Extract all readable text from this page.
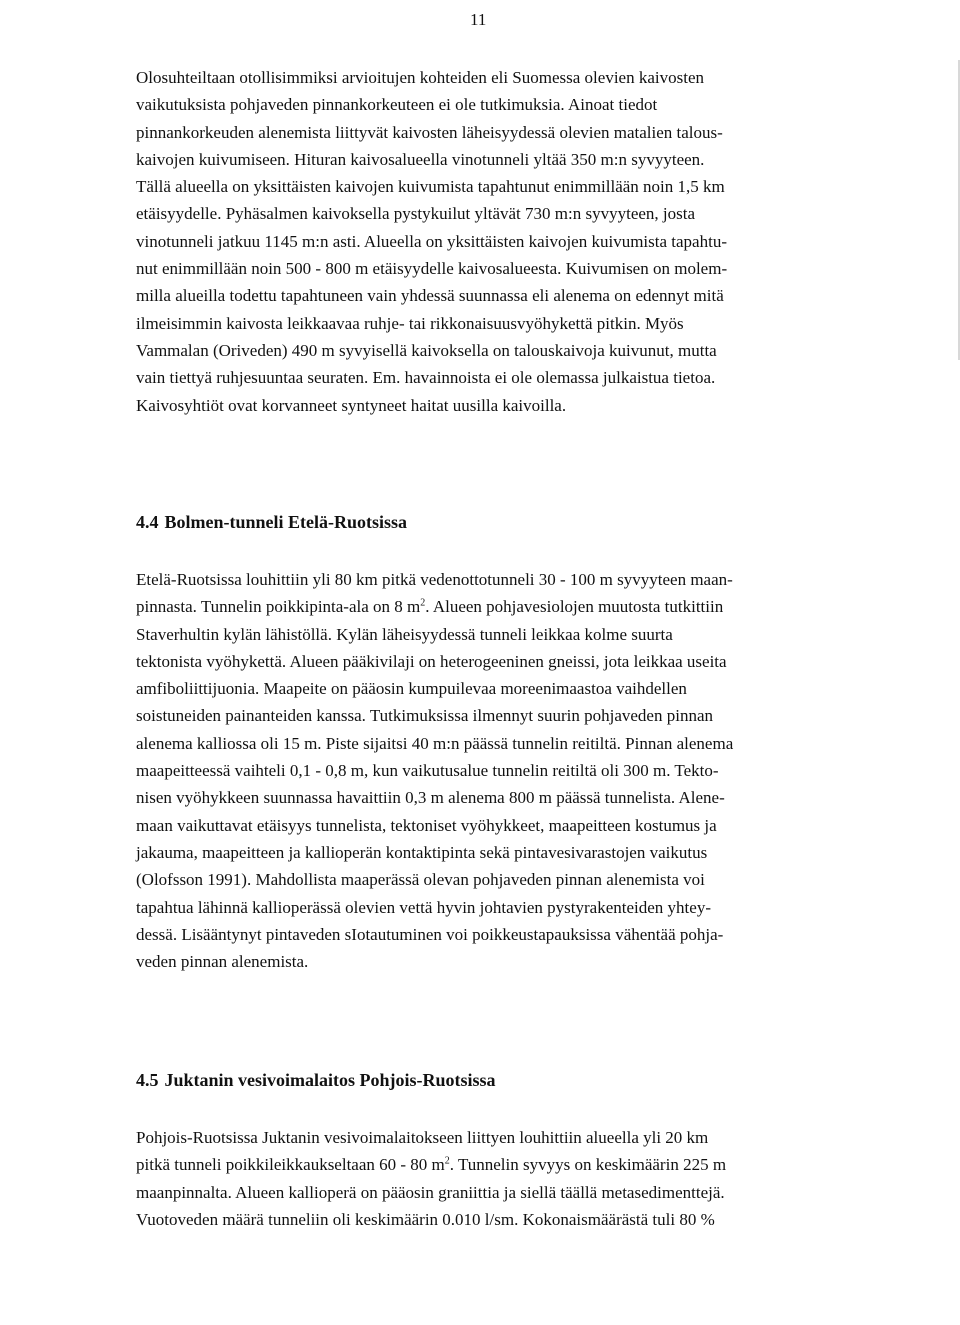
11
Olosuhteiltaan otollisimmiksi arvioitujen kohteiden eli Suomessa olevien kaivosten
vaikutuksista pohjaveden pinnankorkeuteen ei ole tutkimuksia. Ainoat tiedot
pinnankorkeuden alenemista liittyvät kaivosten läheisyydessä olevien matalien talous-
kaivojen kuivumiseen. Hituran kaivosalueella vinotunneli yltää 350 m:n syvyyteen.
Tällä alueella on yksittäisten kaivojen kuivumista tapahtunut enimmillään noin 1,5 km
etäisyydelle. Pyhäsalmen kaivoksella pystykuilut yltävät 730 m:n syvyyteen, josta
vinotunneli jatkuu 1145 m:n asti. Alueella on yksittäisten kaivojen kuivumista tapahtu-
nut enimmillään noin 500 - 800 m etäisyydelle kaivosalueesta. Kuivumisen on molem-
milla alueilla todettu tapahtuneen vain yhdessä suunnassa eli alenema on edennyt mitä
ilmeisimmin kaivosta leikkaavaa ruhje- tai rikkonaisuusvyöhykettä pitkin. Myös
Vammalan (Oriveden) 490 m syvyisellä kaivoksella on talouskaivoja kuivunut, mutta
vain tiettyä ruhjesuuntaa seuraten. Em. havainnoista ei ole olemassa julkaistua tietoa.
Kaivosyhtiöt ovat korvanneet syntyneet haitat uusilla kaivoilla.
4.4 Bolmen-tunneli Etelä-Ruotsissa
Etelä-Ruotsissa louhittiin yli 80 km pitkä vedenottotunneli 30 - 100 m syvyyteen maan-
pinnasta. Tunnelin poikkipinta-ala on 8 $m^2$. Alueen pohjavesiolojen muutosta tutkittiin
Staverhultin kylän lähistöllä. Kylän läheisyydessä tunneli leikkaa kolme suurta
tektonista vyöhykettä. Alueen pääkivilaji on heterogeeninen gneissi, jota leikkaa useita
amfiboliittijuonia. Maapeite on pääosin kumpuilevaa moreenimaastoa vaihdellen
soistuneiden painanteiden kanssa. Tutkimuksissa ilmennyt suurin pohjaveden pinnan
alenema kalliossa oli 15 m. Piste sijaitsi 40 m:n päässä tunnelin reitiltä. Pinnan alenema
maapeitteessä vaihteli 0,1 - 0,8 m, kun vaikutusalue tunnelin reitiltä oli 300 m. Tekto-
nisen vyöhykkeen suunnassa havaittiin 0,3 m alenema 800 m päässä tunnelista. Alene-
maan vaikuttavat etäisyys tunnelista, tektoniset vyöhykkeet, maapeitteen kostumus ja
jakauma, maapeitteen ja kallioperän kontaktipinta sekä pintavesivarastojen vaikutus
(Olofsson 1991). Mahdollista maaperässä olevan pohjaveden pinnan alenemista voi
tapahtua lähinnä kallioperässä olevien vettä hyvin johtavien pystyrakenteiden yhtey-
dessä. Lisääntynyt pintaveden sIotautuminen voi poikkeustapauksissa vähentää pohja-
veden pinnan alenemista.
4.5 Juktanin vesivoimalaitos Pohjois-Ruotsissa
Pohjois-Ruotsissa Juktanin vesivoimalaitokseen liittyen louhittiin alueella yli 20 km
pitkä tunneli poikkileikkaukseltaan 60 - 80 $m^2$. Tunnelin syvyys on keskimäärin 225 m
maanpinnalta. Alueen kallioperä on pääosin graniittia ja siellä täällä metasedimenttejä.
Vuotoveden määrä tunneliin oli keskimäärin 0.010 l/sm. Kokonaismäärästä tuli 80 %
